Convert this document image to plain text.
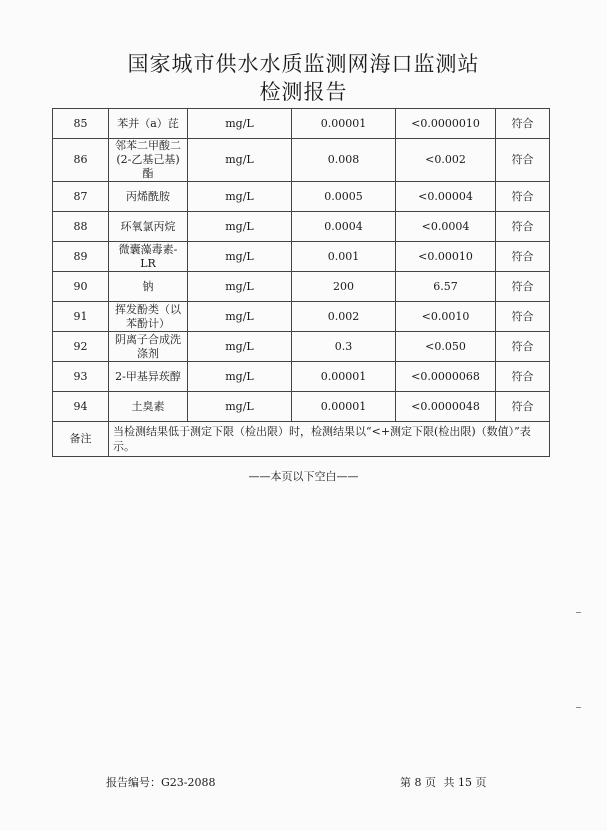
国家城市供水水质监测网海口监测站
检测报告
85	苯并（a）芘	mg/L	0.00001	<0.0000010	符合
86	邻苯二甲酸二(2-乙基己基)酯	mg/L	0.008	<0.002	符合
87	丙烯酰胺	mg/L	0.0005	<0.00004	符合
88	环氧氯丙烷	mg/L	0.0004	<0.0004	符合
89	微囊藻毒素-LR	mg/L	0.001	<0.00010	符合
90	钠	mg/L	200	6.57	符合
91	挥发酚类（以苯酚计）	mg/L	0.002	<0.0010	符合
92	阴离子合成洗涤剂	mg/L	0.3	<0.050	符合
93	2-甲基异莰醇	mg/L	0.00001	<0.0000068	符合
94	土臭素	mg/L	0.00001	<0.0000048	符合
备注	当检测结果低于测定下限（检出限）时，检测结果以“<+测定下限(检出限)（数值）”表示。				
——本页以下空白——
报告编号：G23-2088	第 8 页 共 15 页
